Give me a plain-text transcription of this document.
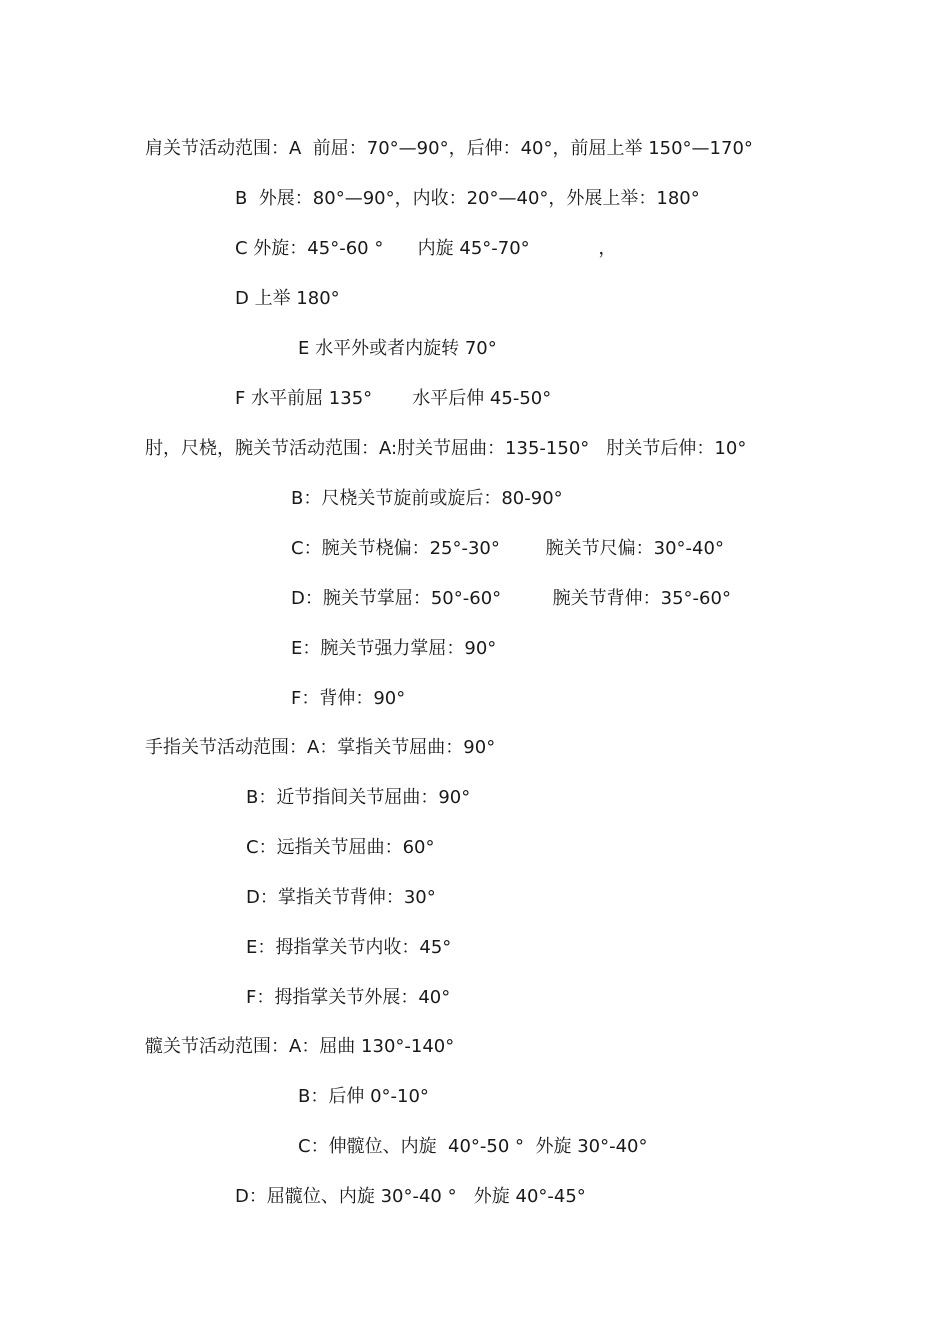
肩关节活动范围：A  前屈：70°—90°，后伸：40°，前屈上举 150°—170°
B  外展：80°—90°，内收：20°—40°，外展上举：180°
C 外旋：45°-60 °      内旋 45°-70°            ，
D 上举 180°
E 水平外或者内旋转 70°
F 水平前屈 135°       水平后伸 45-50°
肘，尺桡，腕关节活动范围：A:肘关节屈曲：135-150°   肘关节后伸：10°
B：尺桡关节旋前或旋后：80-90°
C：腕关节桡偏：25°-30°        腕关节尺偏：30°-40°
D：腕关节掌屈：50°-60°         腕关节背伸：35°-60°
E：腕关节强力掌屈：90°
F：背伸：90°
手指关节活动范围：A：掌指关节屈曲：90°
B：近节指间关节屈曲：90°
C：远指关节屈曲：60°
D：掌指关节背伸：30°
E：拇指掌关节内收：45°
F：拇指掌关节外展：40°
髋关节活动范围：A：屈曲 130°-140°
B：后伸 0°-10°
C：伸髋位、内旋  40°-50 °  外旋 30°-40°
D：屈髋位、内旋 30°-40 °   外旋 40°-45°
